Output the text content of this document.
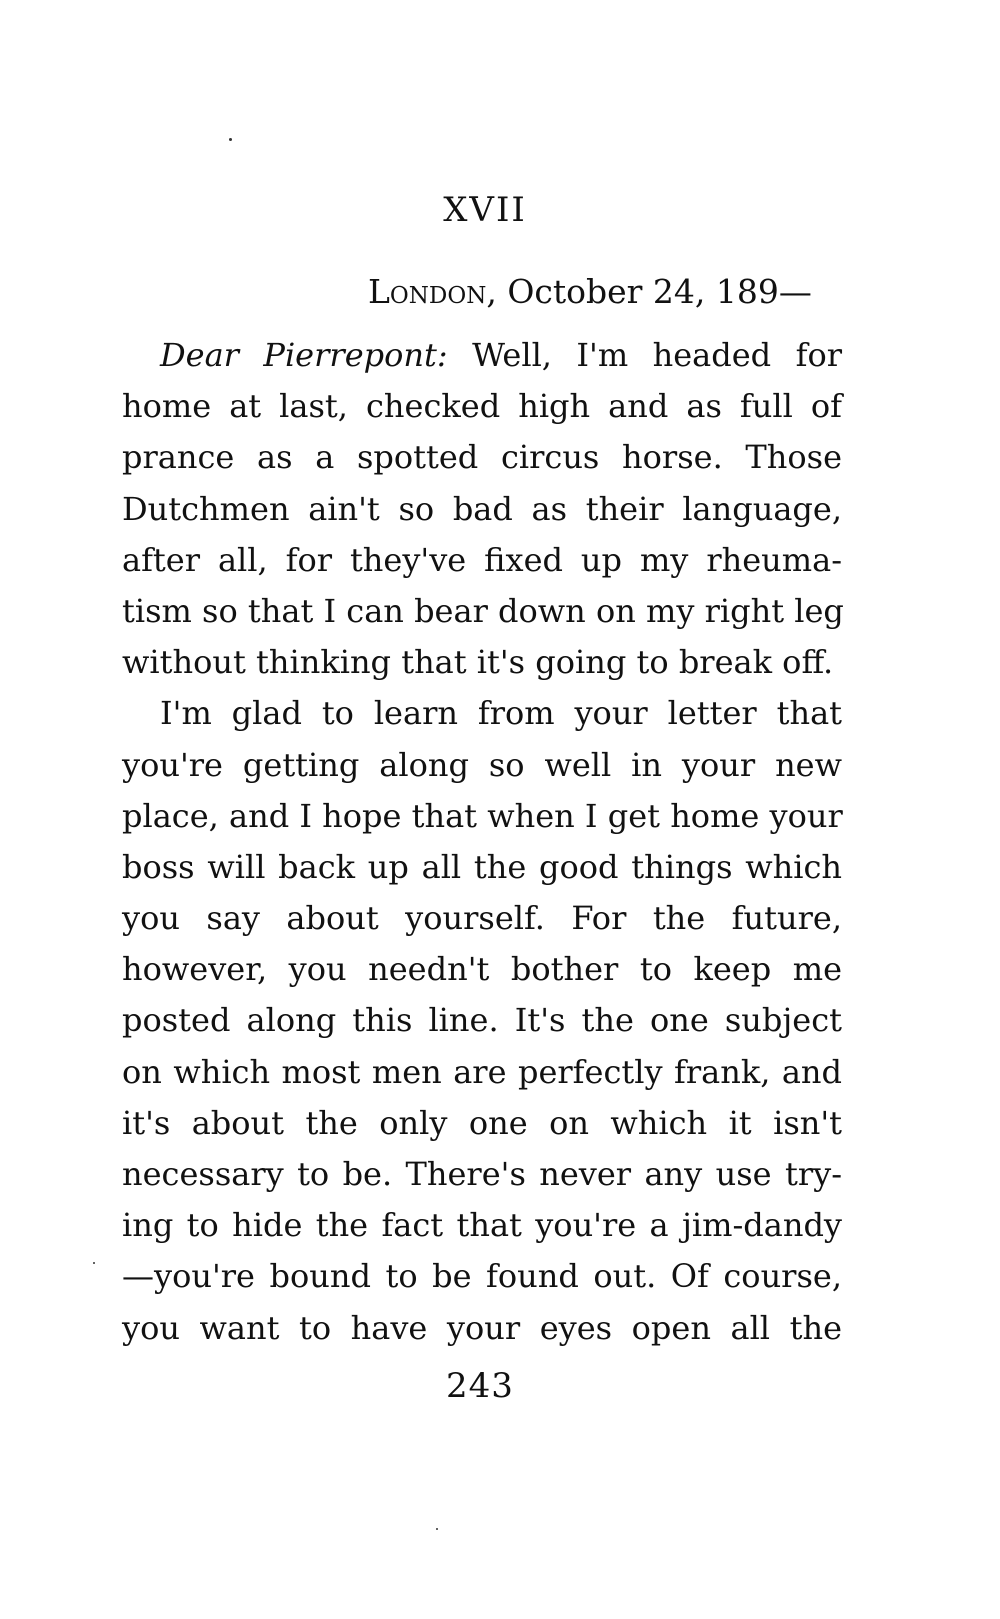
XVII
London, October 24, 189—
Dear Pierrepont: Well, I'm headed for
home at last, checked high and as full of
prance as a spotted circus horse. Those
Dutchmen ain't so bad as their language,
after all, for they've fixed up my rheuma-
tism so that I can bear down on my right leg
without thinking that it's going to break off.
I'm glad to learn from your letter that
you're getting along so well in your new
place, and I hope that when I get home your
boss will back up all the good things which
you say about yourself. For the future,
however, you needn't bother to keep me
posted along this line. It's the one subject
on which most men are perfectly frank, and
it's about the only one on which it isn't
necessary to be. There's never any use try-
ing to hide the fact that you're a jim-dandy
—you're bound to be found out. Of course,
you want to have your eyes open all the
243
